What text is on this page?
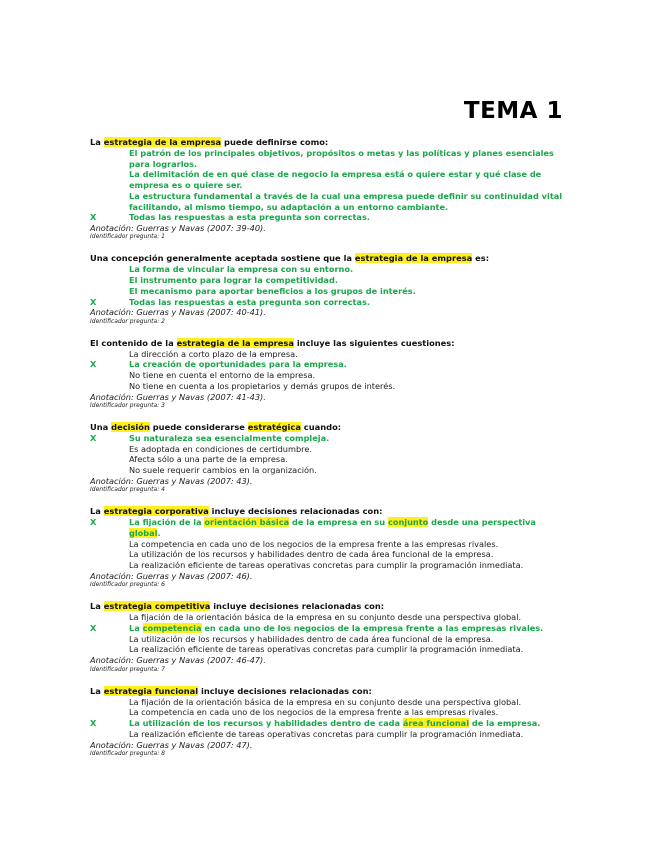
TEMA 1
La estrategia de la empresa puede definirse como:
El patrón de los principales objetivos, propósitos o metas y las políticas y planes esenciales para lograrlos.
La delimitación de en qué clase de negocio la empresa está o quiere estar y qué clase de empresa es o quiere ser.
La estructura fundamental a través de la cual una empresa puede definir su continuidad vital facilitando, al mismo tiempo, su adaptación a un entorno cambiante.
X	Todas las respuestas a esta pregunta son correctas.
Anotación: Guerras y Navas (2007: 39-40).
Identificador pregunta: 1
Una concepción generalmente aceptada sostiene que la estrategia de la empresa es:
La forma de vincular la empresa con su entorno.
El instrumento para lograr la competitividad.
El mecanismo para aportar beneficios a los grupos de interés.
X	Todas las respuestas a esta pregunta son correctas.
Anotación: Guerras y Navas (2007: 40-41).
Identificador pregunta: 2
El contenido de la estrategia de la empresa incluye las siguientes cuestiones:
La dirección a corto plazo de la empresa.
X	La creación de oportunidades para la empresa.
No tiene en cuenta el entorno de la empresa.
No tiene en cuenta a los propietarios y demás grupos de interés.
Anotación: Guerras y Navas (2007: 41-43).
Identificador pregunta: 3
Una decisión puede considerarse estratégica cuando:
X	Su naturaleza sea esencialmente compleja.
Es adoptada en condiciones de certidumbre.
Afecta sólo a una parte de la empresa.
No suele requerir cambios en la organización.
Anotación: Guerras y Navas (2007: 43).
Identificador pregunta: 4
La estrategia corporativa incluye decisiones relacionadas con:
X	La fijación de la orientación básica de la empresa en su conjunto desde una perspectiva global.
La competencia en cada uno de los negocios de la empresa frente a las empresas rivales.
La utilización de los recursos y habilidades dentro de cada área funcional de la empresa.
La realización eficiente de tareas operativas concretas para cumplir la programación inmediata.
Anotación: Guerras y Navas (2007: 46).
Identificador pregunta: 6
La estrategia competitiva incluye decisiones relacionadas con:
La fijación de la orientación básica de la empresa en su conjunto desde una perspectiva global.
X	La competencia en cada uno de los negocios de la empresa frente a las empresas rivales.
La utilización de los recursos y habilidades dentro de cada área funcional de la empresa.
La realización eficiente de tareas operativas concretas para cumplir la programación inmediata.
Anotación: Guerras y Navas (2007: 46-47).
Identificador pregunta: 7
La estrategia funcional incluye decisiones relacionadas con:
La fijación de la orientación básica de la empresa en su conjunto desde una perspectiva global.
La competencia en cada uno de los negocios de la empresa frente a las empresas rivales.
X	La utilización de los recursos y habilidades dentro de cada área funcional de la empresa.
La realización eficiente de tareas operativas concretas para cumplir la programación inmediata.
Anotación: Guerras y Navas (2007: 47).
Identificador pregunta: 8
